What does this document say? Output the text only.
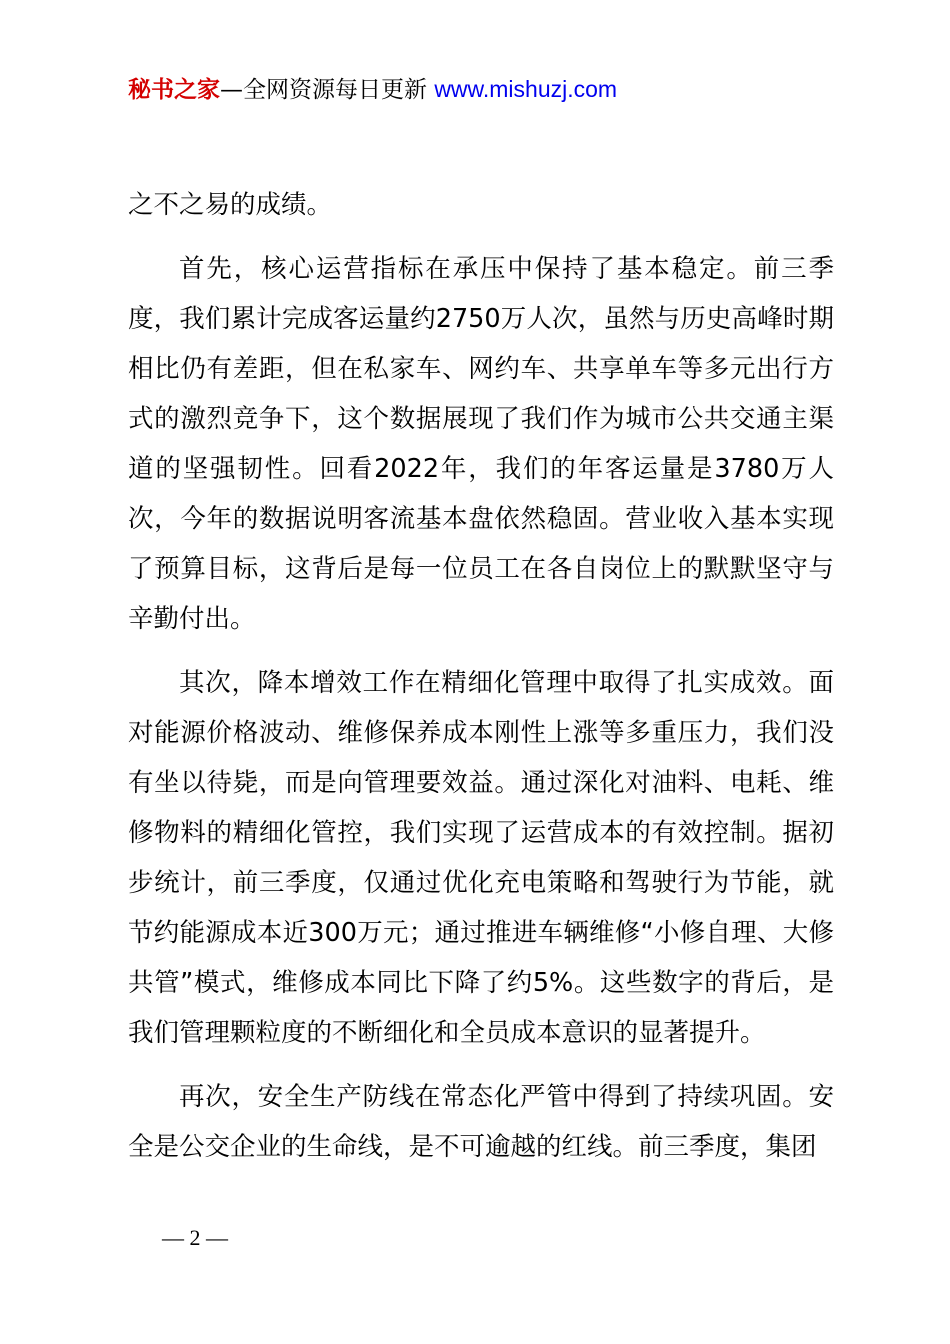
秘书之家—全网资源每日更新 www.mishuzj.com

之不之易的成绩。

首先，核心运营指标在承压中保持了基本稳定。前三季度，我们累计完成客运量约2750万人次，虽然与历史高峰时期相比仍有差距，但在私家车、网约车、共享单车等多元出行方式的激烈竞争下，这个数据展现了我们作为城市公共交通主渠道的坚强韧性。回看2022年，我们的年客运量是3780万人次，今年的数据说明客流基本盘依然稳固。营业收入基本实现了预算目标，这背后是每一位员工在各自岗位上的默默坚守与辛勤付出。

其次，降本增效工作在精细化管理中取得了扎实成效。面对能源价格波动、维修保养成本刚性上涨等多重压力，我们没有坐以待毙，而是向管理要效益。通过深化对油料、电耗、维修物料的精细化管控，我们实现了运营成本的有效控制。据初步统计，前三季度，仅通过优化充电策略和驾驶行为节能，就节约能源成本近300万元；通过推进车辆维修“小修自理、大修共管”模式，维修成本同比下降了约5%。这些数字的背后，是我们管理颗粒度的不断细化和全员成本意识的显著提升。

再次，安全生产防线在常态化严管中得到了持续巩固。安全是公交企业的生命线，是不可逾越的红线。前三季度，集团

— 2 —
